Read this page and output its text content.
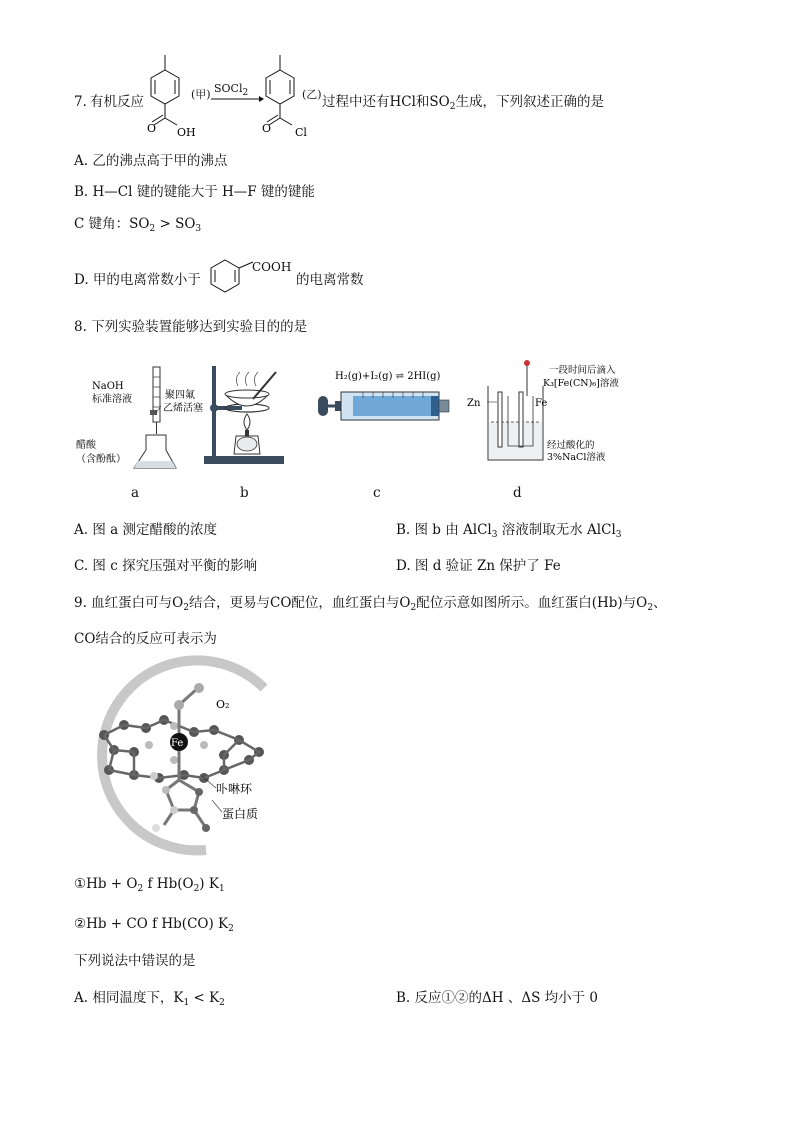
7. 有机反应
O OH
(甲) SOCl$_2$
O Cl
(乙) 过程中还有HCl和$SO_2$生成，下列叙述正确的是
A. 乙的沸点高于甲的沸点
B. H—Cl 键的键能大于 H—F 键的键能
C 键角：$SO_2 > SO_3$
D. 甲的电离常数小于
COOH
的电离常数
8. 下列实验装置能够达到实验目的的是
NaOH
标准溶液	聚四氟
乙烯活塞
醋酸
（含酚酞）
a	b
H₂(g)+I₂(g) ⇌ 2HI(g)
c
一段时间后滴入
K₃[Fe(CN)₆]溶液
Zn	Fe
经过酸化的
3%NaCl溶液
d
A. 图 a 测定醋酸的浓度	B. 图 b 由 AlCl$_3$ 溶液制取无水 AlCl$_3$
C. 图 c 探究压强对平衡的影响	D. 图 d 验证 Zn 保护了 Fe
9. 血红蛋白可与$O_2$结合，更易与CO配位，血红蛋白与$O_2$配位示意如图所示。血红蛋白(Hb)与$O_2$、
CO结合的反应可表示为
Fe
O₂
卟啉环
蛋白质
①Hb + $O_2$ f $Hb(O_2)$ $K_1$
②Hb + CO f Hb(CO) $K_2$
下列说法中错误的是
A. 相同温度下，$K_1 < K_2$	B. 反应①②的ΔH 、ΔS 均小于 0
